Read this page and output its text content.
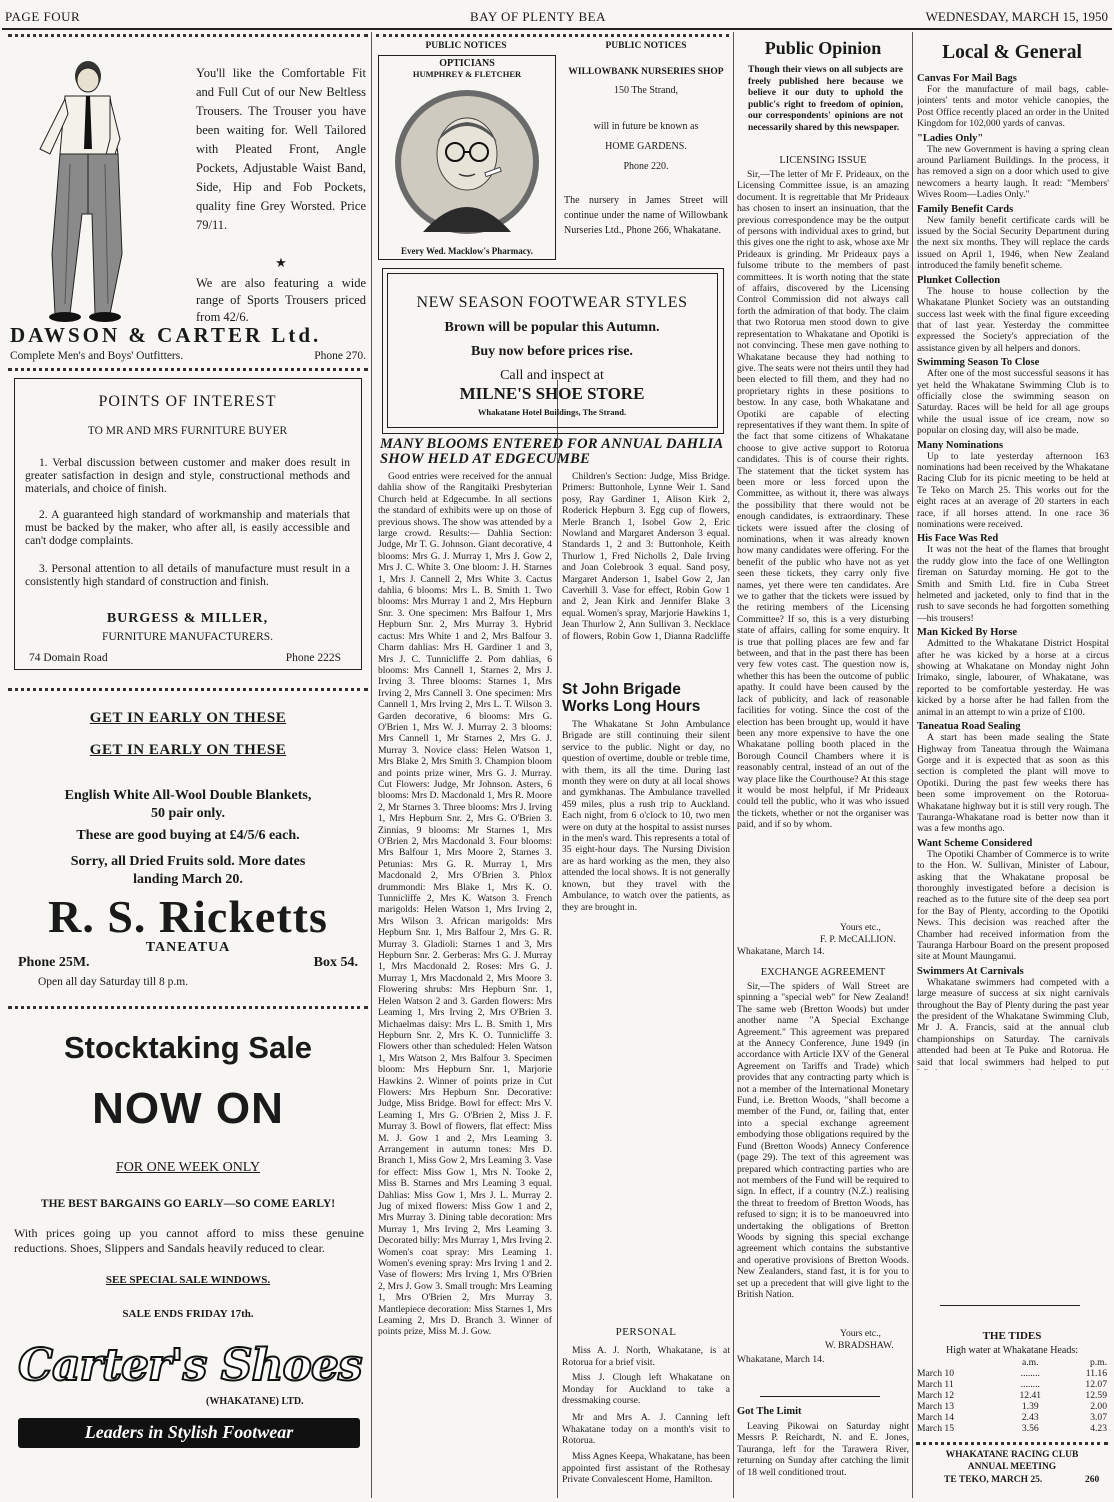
PAGE FOUR	BAY OF PLENTY BEA	WEDNESDAY, MARCH 15, 1950
You'll like the Comfortable Fit and Full Cut of our New Beltless Trousers. The Trouser you have been waiting for. Well Tailored with Pleated Front, Angle Pockets, Adjustable Waist Band, Side, Hip and Fob Pockets, quality fine Grey Worsted. Price 79/11.
★
We are also featuring a wide range of Sports Trousers priced from 42/6.
DAWSON & CARTER Ltd.
Complete Men's and Boys' Outfitters.	Phone 270.
POINTS OF INTEREST
TO MR AND MRS FURNITURE BUYER
1. Verbal discussion between customer and maker does result in greater satisfaction in design and style, constructional methods and materials, and choice of finish.
2. A guaranteed high standard of workmanship and materials that must be backed by the maker, who after all, is easily accessible and can't dodge complaints.
3. Personal attention to all details of manufacture must result in a consistently high standard of construction and finish.
BURGESS & MILLER,
FURNITURE MANUFACTURERS.
74 Domain Road	Phone 222S
GET IN EARLY ON THESE
GET IN EARLY ON THESE
English White All-Wool Double Blankets,
50 pair only.
These are good buying at £4/5/6 each.
Sorry, all Dried Fruits sold. More dates
landing March 20.
R. S. Ricketts
TANEATUA
Phone 25M.	Box 54.
Open all day Saturday till 8 p.m.
Stocktaking Sale
NOW ON
FOR ONE WEEK ONLY
THE BEST BARGAINS GO EARLY—SO COME EARLY!
With prices going up you cannot afford to miss these genuine reductions. Shoes, Slippers and Sandals heavily reduced to clear.
SEE SPECIAL SALE WINDOWS.
SALE ENDS FRIDAY 17th.
Carter's Shoes
(WHAKATANE) LTD.
Leaders in Stylish Footwear
PUBLIC NOTICES	PUBLIC NOTICES
OPTICIANS
HUMPHREY & FLETCHER
Every Wed. Macklow's Pharmacy.
WILLOWBANK NURSERIES SHOP
150 The Strand,
will in future be known as
HOME GARDENS.
Phone 220.
The nursery in James Street will continue under the name of Willowbank Nurseries Ltd., Phone 266, Whakatane.
NEW SEASON FOOTWEAR STYLES
Brown will be popular this Autumn.
Buy now before prices rise.
Call and inspect at
MILNE'S SHOE STORE
Whakatane Hotel Buildings, The Strand.
MANY BLOOMS ENTERED FOR ANNUAL DAHLIA SHOW HELD AT EDGECUMBE
Good entries were received for the annual dahlia show of the Rangitaiki Presbyterian Church held at Edgecumbe. In all sections the standard of exhibits were up on those of previous shows. The show was attended by a large crowd. Results:— Dahlia Section: Judge, Mr T. G. Johnson. Giant decorative, 4 blooms: Mrs G. J. Murray 1, Mrs J. Gow 2, Mrs J. C. White 3. One bloom: J. H. Starnes 1, Mrs J. Cannell 2, Mrs White 3. Cactus dahlia, 6 blooms: Mrs L. B. Smith 1. Two blooms: Mrs Murray 1 and 2, Mrs Hepburn Snr. 3. One specimen: Mrs Balfour 1, Mrs Hepburn Snr. 2, Mrs Murray 3. Hybrid cactus: Mrs White 1 and 2, Mrs Balfour 3. Charm dahlias: Mrs H. Gardiner 1 and 3, Mrs J. C. Tunnicliffe 2. Pom dahlias, 6 blooms: Mrs Cannell 1, Starnes 2, Mrs J. Irving 3. Three blooms: Starnes 1, Mrs Irving 2, Mrs Cannell 3. One specimen: Mrs Cannell 1, Mrs Irving 2, Mrs L. T. Wilson 3. Garden decorative, 6 blooms: Mrs G. O'Brien 1, Mrs W. J. Murray 2. 3 blooms: Mrs Cannell 1, Mr Starnes 2, Mrs G. J. Murray 3. Novice class: Helen Watson 1, Mrs Blake 2, Mrs Smith 3. Champion bloom and points prize winer, Mrs G. J. Murray. Cut Flowers: Judge, Mr Johnson. Asters, 6 blooms: Mrs D. Macdonald 1, Mrs R. Moore 2, Mr Starnes 3. Three blooms: Mrs J. Irving 1, Mrs Hepburn Snr. 2, Mrs G. O'Brien 3. Zinnias, 9 blooms: Mr Starnes 1, Mrs O'Brien 2, Mrs Macdonald 3. Four blooms: Mrs Balfour 1, Mrs Moore 2, Starnes 3. Petunias: Mrs G. R. Murray 1, Mrs Macdonald 2, Mrs O'Brien 3. Phlox drummondi: Mrs Blake 1, Mrs K. O. Tunnicliffe 2, Mrs K. Watson 3. French marigolds: Helen Watson 1, Mrs Irving 2, Mrs Wilson 3. African marigolds: Mrs Hepburn Snr. 1, Mrs Balfour 2, Mrs G. R. Murray 3. Gladioli: Starnes 1 and 3, Mrs Hepburn Snr. 2. Gerberas: Mrs G. J. Murray 1, Mrs Macdonald 2. Roses: Mrs G. J. Murray 1, Mrs Macdonald 2, Mrs Moore 3. Flowering shrubs: Mrs Hepburn Snr. 1, Helen Watson 2 and 3. Garden flowers: Mrs Leaming 1, Mrs Irving 2, Mrs O'Brien 3. Michaelmas daisy: Mrs L. B. Smith 1, Mrs Hepburn Snr. 2, Mrs K. O. Tunnicliffe 3. Flowers other than scheduled: Helen Watson 1, Mrs Watson 2, Mrs Balfour 3. Specimen bloom: Mrs Hepburn Snr. 1, Marjorie Hawkins 2. Winner of points prize in Cut Flowers: Mrs Hepburn Snr. Decorative: Judge, Miss Bridge. Bowl for effect: Mrs V. Leaming 1, Mrs G. O'Brien 2, Miss J. F. Murray 3. Bowl of flowers, flat effect: Miss M. J. Gow 1 and 2, Mrs Leaming 3. Arrangement in autumn tones: Mrs D. Branch 1, Miss Gow 2, Mrs Leaming 3. Vase for effect: Miss Gow 1, Mrs N. Tooke 2, Miss B. Starnes and Mrs Leaming 3 equal. Dahlias: Miss Gow 1, Mrs J. L. Murray 2. Jug of mixed flowers: Miss Gow 1 and 2, Mrs Murray 3. Dining table decoration: Mrs Murray 1, Mrs Irving 2, Mrs Leaming 3. Decorated billy: Mrs Murray 1, Mrs Irving 2. Women's coat spray: Mrs Leaming 1. Women's evening spray: Mrs Irving 1 and 2. Vase of flowers: Mrs Irving 1, Mrs O'Brien 2, Mrs J. Gow 3. Small trough: Mrs Leaming 1, Mrs O'Brien 2, Mrs Murray 3. Mantlepiece decoration: Miss Starnes 1, Mrs Leaming 2, Mrs D. Branch 3. Winner of points prize, Miss M. J. Gow.
Children's Section: Judge, Miss Bridge. Primers: Buttonhole, Lynne Weir 1. Sand posy, Ray Gardiner 1, Alison Kirk 2, Roderick Hepburn 3. Egg cup of flowers, Merle Branch 1, Isobel Gow 2, Eric Nowland and Margaret Anderson 3 equal. Standards 1, 2 and 3: Buttonhole, Keith Thurlow 1, Fred Nicholls 2, Dale Irving and Joan Colebrook 3 equal. Sand posy, Margaret Anderson 1, Isabel Gow 2, Jan Caverhill 3. Vase for effect, Robin Gow 1 and 2, Jean Kirk and Jennifer Blake 3 equal. Women's spray, Marjorie Hawkins 1, Jean Thurlow 2, Ann Sullivan 3. Necklace of flowers, Robin Gow 1, Dianna Radcliffe
St John Brigade Works Long Hours
The Whakatane St John Ambulance Brigade are still continuing their silent service to the public. Night or day, no question of overtime, double or treble time, with them, its all the time. During last month they were on duty at all local shows and gymkhanas. The Ambulance travelled 459 miles, plus a rush trip to Auckland. Each night, from 6 o'clock to 10, two men were on duty at the hospital to assist nurses in the men's ward. This represents a total of 35 eight-hour days. The Nursing Division are as hard working as the men, they also attended the local shows. It is not generally known, but they travel with the Ambulance, to watch over the patients, as they are brought in.
PERSONAL
Miss A. J. North, Whakatane, is at Rotorua for a brief visit.
Miss J. Clough left Whakatane on Monday for Auckland to take a dressmaking course.
Mr and Mrs A. J. Canning left Whakatane today on a month's visit to Rotorua.
Miss Agnes Keepa, Whakatane, has been appointed first assistant of the Rothesay Private Convalescent Home, Hamilton.
Public Opinion
Though their views on all subjects are freely published here because we believe it our duty to uphold the public's right to freedom of opinion, our correspondents' opinions are not necessarily shared by this newspaper.
LICENSING ISSUE
Sir,—The letter of Mr F. Prideaux, on the Licensing Committee issue, is an amazing document. It is regrettable that Mr Prideaux has chosen to insert an insinuation, that the previous correspondence may be the output of persons with individual axes to grind, but this gives one the right to ask, whose axe Mr Prideaux is grinding. Mr Prideaux pays a fulsome tribute to the members of past committees. It is worth noting that the state of affairs, discovered by the Licensing Control Commission did not always call forth the admiration of that body. The claim that two Rotorua men stood down to give representation to Whakatane and Opotiki is not convincing. These men gave nothing to Whakatane because they had nothing to give. The seats were not theirs until they had been elected to fill them, and they had no proprietary rights in these positions to bestow. In any case, both Whakatane and Opotiki are capable of electing representatives if they want them. In spite of the fact that some citizens of Whakatane choose to give active support to Rotorua candidates. This is of course their rights. The statement that the ticket system has been more or less forced upon the Committee, as without it, there was always the possibility that there would not be enough candidates, is extraordinary. These tickets were issued after the closing of nominations, when it was already known how many candidates were offering. For the benefit of the public who have not as yet seen these tickets, they carry only five names, yet there were ten candidates. Are we to gather that the tickets were issued by the retiring members of the Licensing Committee? If so, this is a very disturbing state of affairs, calling for some enquiry. It is true that polling places are few and far between, and that in the past there has been very few votes cast. The question now is, whether this has been the outcome of public apathy. It could have been caused by the lack of publicity, and lack of reasonable facilities for voting. Since the cost of the election has been brought up, would it have been any more expensive to have the one Whakatane polling booth placed in the Borough Council Chambers where it is reasonably central, instead of an out of the way place like the Courthouse? At this stage it would be most helpful, if Mr Prideaux could tell the public, who it was who issued the tickets, whether or not the organiser was paid, and if so by whom.
Yours etc.,
F. P. McCALLION.
Whakatane, March 14.
EXCHANGE AGREEMENT
Sir,—The spiders of Wall Street are spinning a "special web" for New Zealand! The same web (Bretton Woods) but under another name "A Special Exchange Agreement." This agreement was prepared at the Annecy Conference, June 1949 (in accordance with Article IXV of the General Agreement on Tariffs and Trade) which provides that any contracting party which is not a member of the International Monetary Fund, i.e. Bretton Woods, "shall become a member of the Fund, or, failing that, enter into a special exchange agreement embodying those obligations required by the Fund (Bretton Woods) Annecy Conference (page 29). The text of this agreement was prepared which contracting parties who are not members of the Fund will be required to sign. In effect, if a country (N.Z.) realising the threat to freedom of Bretton Woods, has refused to sign; it is to be manoeuvred into undertaking the obligations of Bretton Woods by signing this special exchange agreement which contains the substantive and operative provisions of Bretton Woods. New Zealanders, stand fast, it is for you to set up a precedent that will give light to the British Nation.
Yours etc.,
W. BRADSHAW.
Whakatane, March 14.
Got The Limit
Leaving Pikowai on Saturday night Messrs P. Reichardt, N. and E. Jones, Tauranga, left for the Tarawera River, returning on Sunday after catching the limit of 18 well conditioned trout.
Local & General
Canvas For Mail Bags
For the manufacture of mail bags, cable-jointers' tents and motor vehicle canopies, the Post Office recently placed an order in the United Kingdom for 102,000 yards of canvas.
"Ladies Only"
The new Government is having a spring clean around Parliament Buildings. In the process, it has removed a sign on a door which used to give newcomers a hearty laugh. It read: "Members' Wives Room—Ladies Only."
Family Benefit Cards
New family benefit certificate cards will be issued by the Social Security Department during the next six months. They will replace the cards issued on April 1, 1946, when New Zealand introduced the family benefit scheme.
Plunket Collection
The house to house collection by the Whakatane Plunket Society was an outstanding success last week with the final figure exceeding that of last year. Yesterday the committee expressed the Society's appreciation of the assistance given by all helpers and donors.
Swimming Season To Close
After one of the most successful seasons it has yet held the Whakatane Swimming Club is to officially close the swimming season on Saturday. Races will be held for all age groups while the usual issue of ice cream, now so popular on closing day, will also be made.
Many Nominations
Up to late yesterday afternoon 163 nominations had been received by the Whakatane Racing Club for its picnic meeting to be held at Te Teko on March 25. This works out for the eight races at an average of 20 starters in each race, if all horses attend. In one race 36 nominations were received.
His Face Was Red
It was not the heat of the flames that brought the ruddy glow into the face of one Wellington fireman on Saturday morning. He got to the Smith and Smith Ltd. fire in Cuba Street helmeted and jacketed, only to find that in the rush to save seconds he had forgotten something—his trousers!
Man Kicked By Horse
Admitted to the Whakatane District Hospital after he was kicked by a horse at a circus showing at Whakatane on Monday night John Irimako, single, labourer, of Whakatane, was reported to be comfortable yesterday. He was kicked by a horse after he had fallen from the animal in an attempt to win a prize of £100.
Taneatua Road Sealing
A start has been made sealing the State Highway from Taneatua through the Waimana Gorge and it is expected that as soon as this section is completed the plant will move to Opotiki. During the past few weeks there has been some improvement on the Rotorua-Whakatane highway but it is still very rough. The Tauranga-Whakatane road is better now than it was a few months ago.
Want Scheme Considered
The Opotiki Chamber of Commerce is to write to the Hon. W. Sullivan, Minister of Labour, asking that the Whakatane proposal be thoroughly investigated before a decision is reached as to the future site of the deep sea port for the Bay of Plenty, according to the Opotiki News. This decision was reached after the Chamber had received information from the Tauranga Harbour Board on the present proposed site at Mount Maunganui.
Swimmers At Carnivals
Whakatane swimmers had competed with a large measure of success at six night carnivals throughout the Bay of Plenty during the past year the president of the Whakatane Swimming Club, Mr J. A. Francis, said at the annual club championships on Saturday. The carnivals attended had been at Te Puke and Rotorua. He said that local swimmers had helped to put
THE TIDES
High water at Whakatane Heads:
	a.m.	p.m.
March 10	........	11.16
March 11	........	12.07
March 12	12.41	12.59
March 13	1.39	2.00
March 14	2.43	3.07
March 15	3.56	4.23
WHAKATANE RACING CLUB
ANNUAL MEETING
TE TEKO, MARCH 25.	260
